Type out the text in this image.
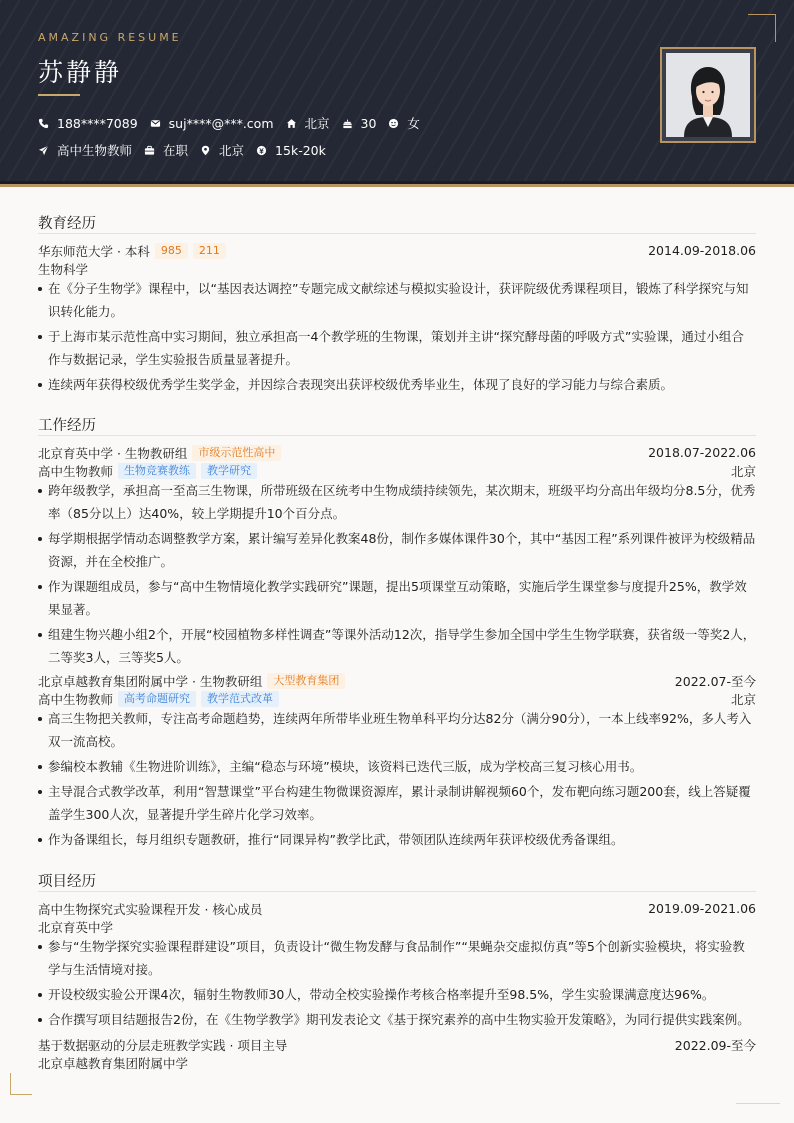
AMAZING RESUME
苏静静
188****7089 suj****@***.com 北京 30 女
高中生物教师 在职 北京 15k-20k
教育经历
华东师范大学 · 本科	985	211	2014.09-2018.06
生物科学
在《分子生物学》课程中，以“基因表达调控”专题完成文献综述与模拟实验设计，获评院级优秀课程项目，锻炼了科学探究与知识转化能力。
于上海市某示范性高中实习期间，独立承担高一4个教学班的生物课，策划并主讲“探究酵母菌的呼吸方式”实验课，通过小组合作与数据记录，学生实验报告质量显著提升。
连续两年获得校级优秀学生奖学金，并因综合表现突出获评校级优秀毕业生，体现了良好的学习能力与综合素质。
工作经历
北京育英中学 · 生物教研组	市级示范性高中	2018.07-2022.06
高中生物教师	生物竞赛教练	教学研究	北京
跨年级教学，承担高一至高三生物课，所带班级在区统考中生物成绩持续领先，某次期末，班级平均分高出年级均分8.5分，优秀率（85分以上）达40%，较上学期提升10个百分点。
每学期根据学情动态调整教学方案，累计编写差异化教案48份，制作多媒体课件30个，其中“基因工程”系列课件被评为校级精品资源，并在全校推广。
作为课题组成员，参与“高中生物情境化教学实践研究”课题，提出5项课堂互动策略，实施后学生课堂参与度提升25%，教学效果显著。
组建生物兴趣小组2个，开展“校园植物多样性调查”等课外活动12次，指导学生参加全国中学生生物学联赛，获省级一等奖2人，二等奖3人，三等奖5人。
北京卓越教育集团附属中学 · 生物教研组	大型教育集团	2022.07-至今
高中生物教师	高考命题研究	教学范式改革	北京
高三生物把关教师，专注高考命题趋势，连续两年所带毕业班生物单科平均分达82分（满分90分），一本上线率92%，多人考入双一流高校。
参编校本教辅《生物进阶训练》，主编“稳态与环境”模块，该资料已迭代三版，成为学校高三复习核心用书。
主导混合式教学改革，利用“智慧课堂”平台构建生物微课资源库，累计录制讲解视频60个，发布靶向练习题200套，线上答疑覆盖学生300人次，显著提升学生碎片化学习效率。
作为备课组长，每月组织专题教研，推行“同课异构”教学比武，带领团队连续两年获评校级优秀备课组。
项目经历
高中生物探究式实验课程开发 · 核心成员	2019.09-2021.06
北京育英中学
参与“生物学探究实验课程群建设”项目，负责设计“微生物发酵与食品制作”“果蝇杂交虚拟仿真”等5个创新实验模块，将实验教学与生活情境对接。
开设校级实验公开课4次，辐射生物教师30人，带动全校实验操作考核合格率提升至98.5%，学生实验课满意度达96%。
合作撰写项目结题报告2份，在《生物学教学》期刊发表论文《基于探究素养的高中生物实验开发策略》，为同行提供实践案例。
基于数据驱动的分层走班教学实践 · 项目主导	2022.09-至今
北京卓越教育集团附属中学
